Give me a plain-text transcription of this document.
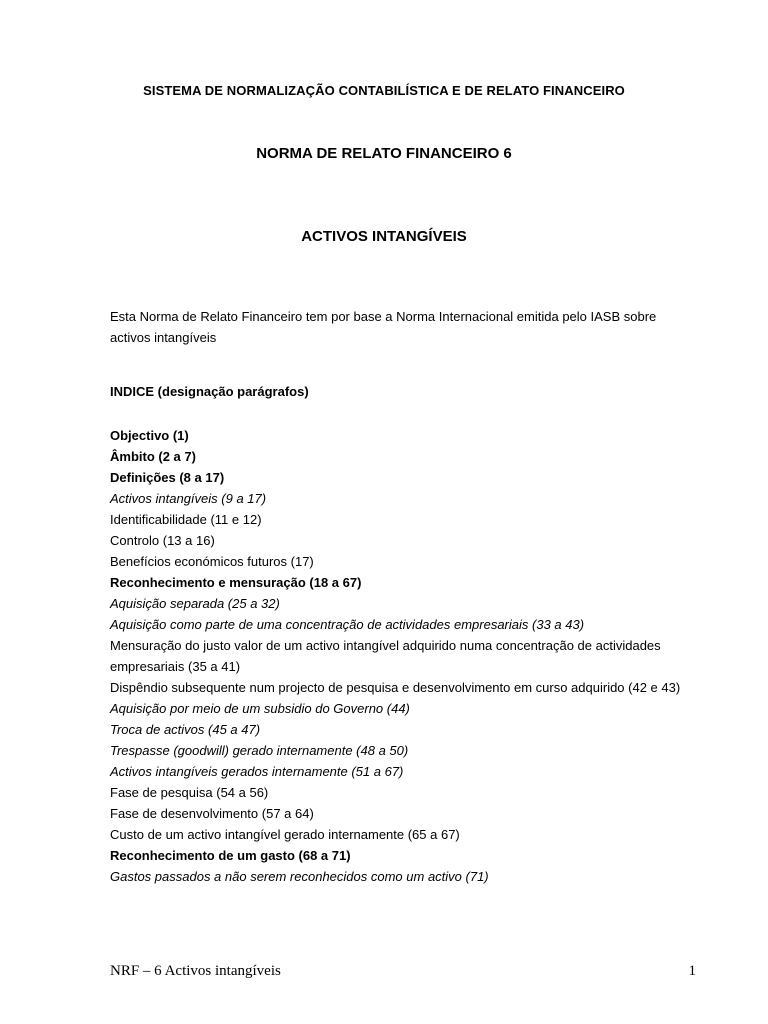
SISTEMA DE NORMALIZAÇÃO CONTABILÍSTICA E DE RELATO FINANCEIRO
NORMA DE RELATO FINANCEIRO 6
ACTIVOS INTANGÍVEIS
Esta Norma de Relato Financeiro tem por base a Norma Internacional emitida pelo IASB sobre activos intangíveis
INDICE (designação parágrafos)
Objectivo (1)
Âmbito (2 a 7)
Definições (8 a 17)
Activos intangíveis (9 a 17)
Identificabilidade (11 e 12)
Controlo (13 a 16)
Benefícios económicos futuros (17)
Reconhecimento e mensuração (18 a 67)
Aquisição separada (25 a 32)
Aquisição como parte de uma concentração de actividades empresariais (33 a 43)
Mensuração do justo valor de um activo intangível adquirido numa concentração de actividades empresariais (35 a 41)
Dispêndio subsequente num projecto de pesquisa e desenvolvimento em curso adquirido (42 e 43)
Aquisição por meio de um subsidio do Governo (44)
Troca de activos (45 a 47)
Trespasse (goodwill) gerado internamente (48 a 50)
Activos intangíveis gerados internamente (51 a 67)
Fase de pesquisa (54 a 56)
Fase de desenvolvimento (57 a 64)
Custo de um activo intangível gerado internamente (65 a 67)
Reconhecimento de um gasto (68 a 71)
Gastos passados a não serem reconhecidos como um activo (71)
NRF – 6 Activos intangíveis	1
